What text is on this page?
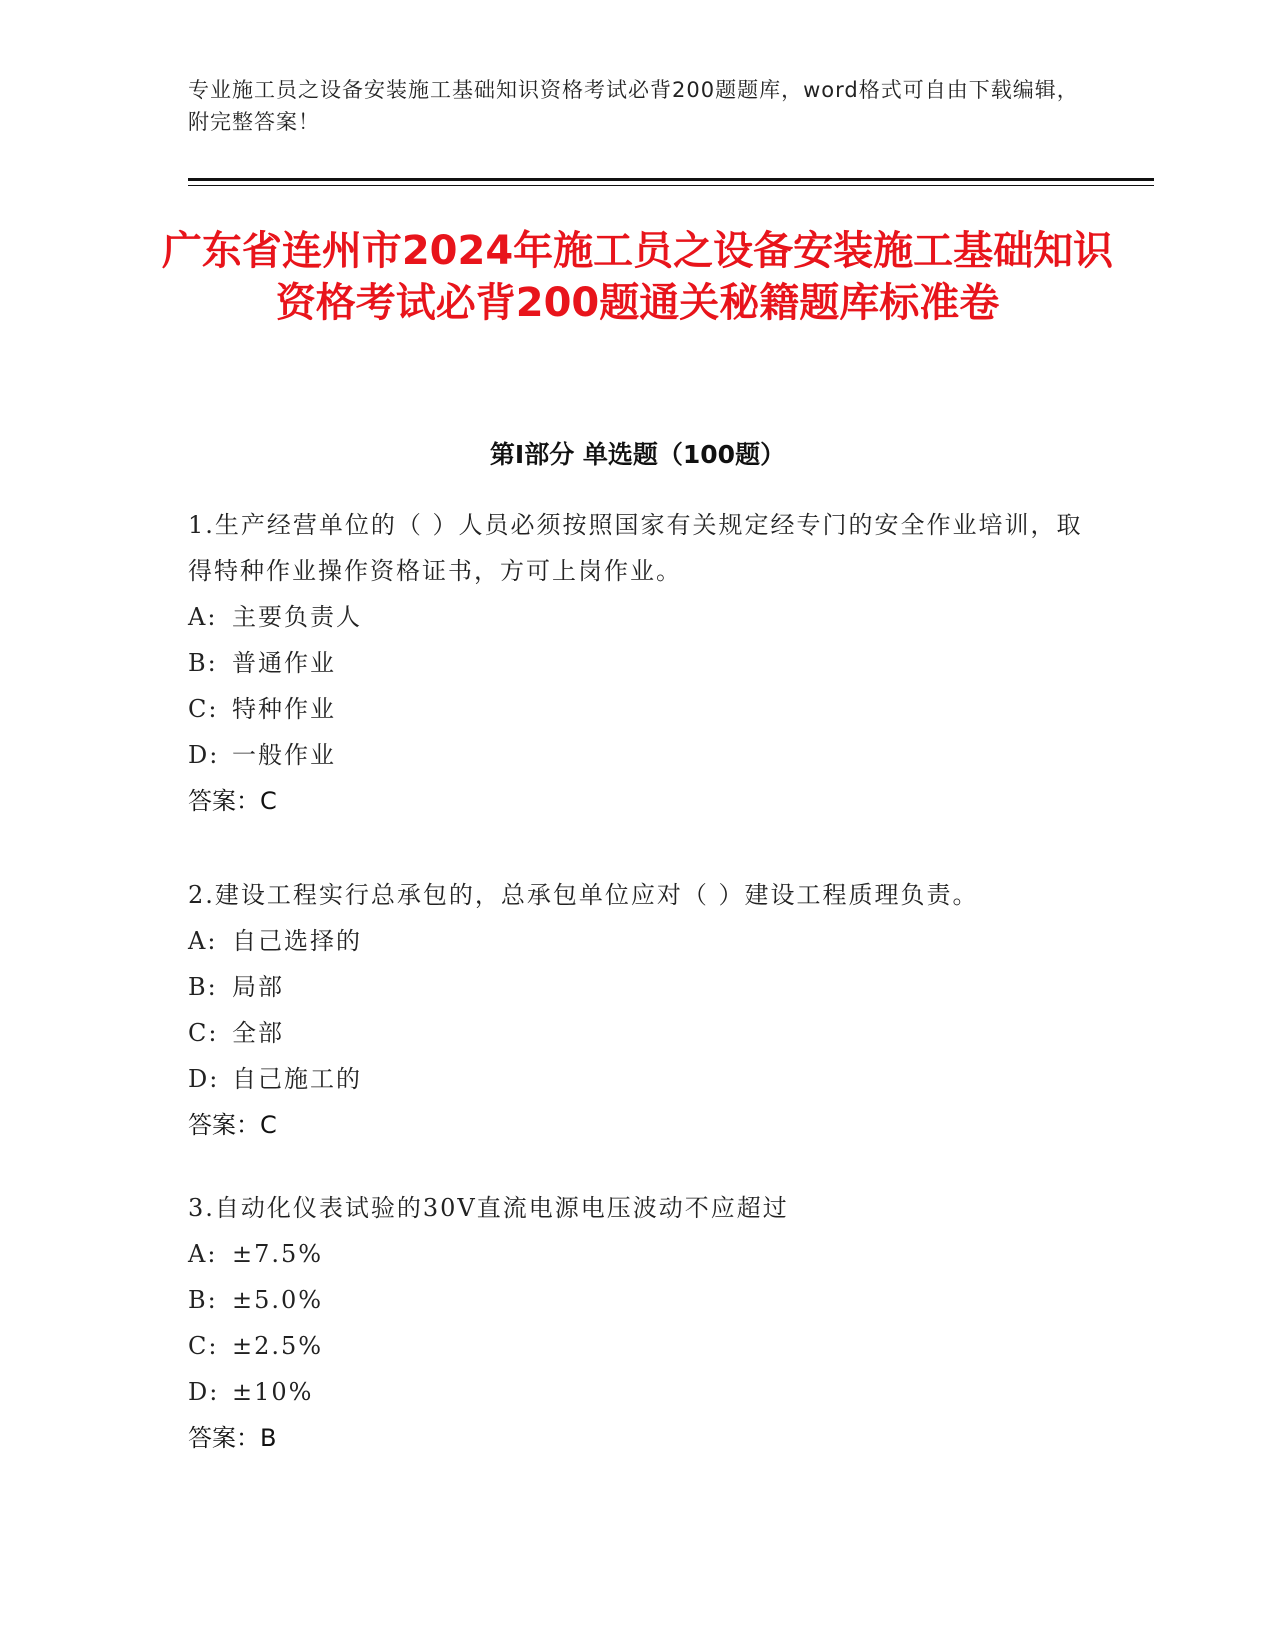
专业施工员之设备安装施工基础知识资格考试必背200题题库，word格式可自由下载编辑，附完整答案！
广东省连州市2024年施工员之设备安装施工基础知识资格考试必背200题通关秘籍题库标准卷
第Ⅰ部分 单选题（100题）
1.生产经营单位的（ ）人员必须按照国家有关规定经专门的安全作业培训，取得特种作业操作资格证书，方可上岗作业。
A: 主要负责人
B: 普通作业
C: 特种作业
D: 一般作业
答案：C
2.建设工程实行总承包的，总承包单位应对（ ）建设工程质理负责。
A: 自己选择的
B: 局部
C: 全部
D: 自己施工的
答案：C
3.自动化仪表试验的30V直流电源电压波动不应超过
A: ±7.5%
B: ±5.0%
C: ±2.5%
D: ±10%
答案：B
